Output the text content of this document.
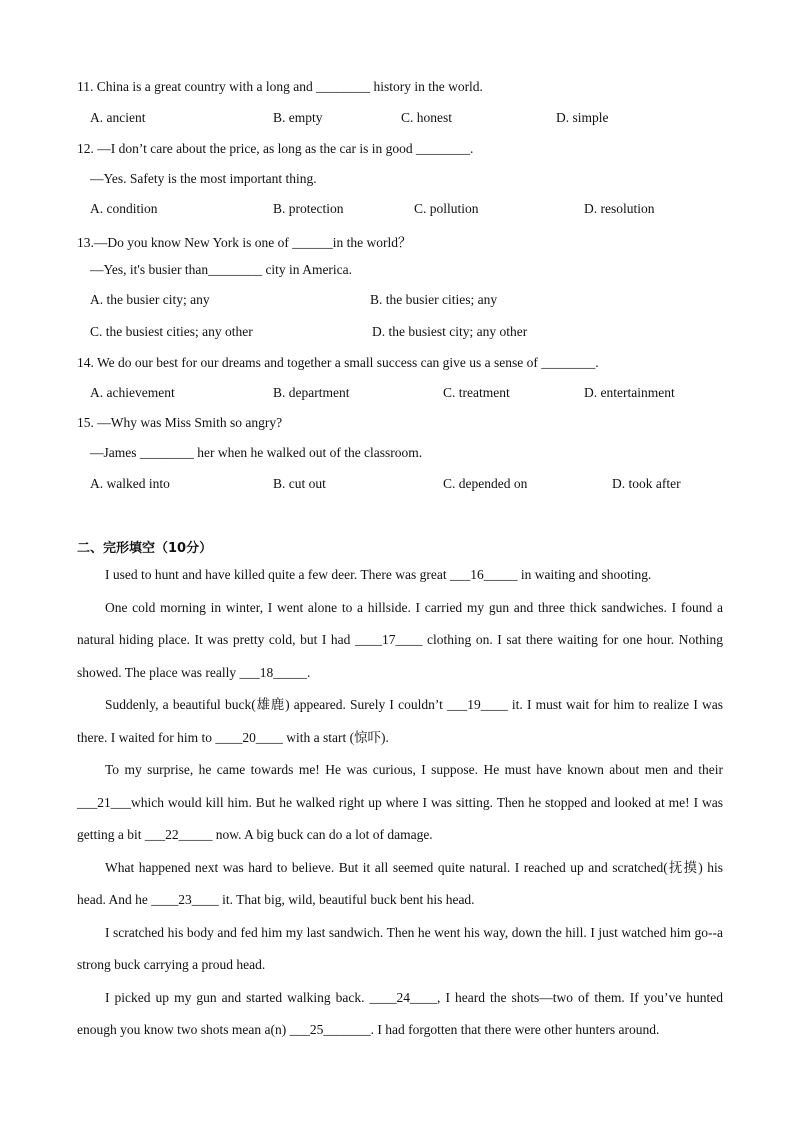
11. China is a great country with a long and ________ history in the world.
A. ancient	B. empty	C. honest	D. simple
12. —I don’t care about the price, as long as the car is in good ________.
—Yes. Safety is the most important thing.
A. condition	B. protection	C. pollution	D. resolution
13.—Do you know New York is one of ______in the world？
—Yes, it's busier than________ city in America.
A. the busier city; any	B. the busier cities; any
C. the busiest cities; any other	D. the busiest city; any other
14. We do our best for our dreams and together a small success can give us a sense of ________.
A. achievement	B. department	C. treatment	D. entertainment
15. —Why was Miss Smith so angry?
—James ________ her when he walked out of the classroom.
A. walked into	B. cut out	C. depended on	D. took after
二、完形填空（10分）

I used to hunt and have killed quite a few deer. There was great ___16_____ in waiting and shooting.

One cold morning in winter, I went alone to a hillside. I carried my gun and three thick sandwiches. I found a natural hiding place. It was pretty cold, but I had ____17____ clothing on. I sat there waiting for one hour. Nothing showed. The place was really ___18_____.

Suddenly, a beautiful buck(雄鹿) appeared. Surely I couldn’t ___19____ it. I must wait for him to realize I was there. I waited for him to ____20____ with a start (惊吓).

To my surprise, he came towards me! He was curious, I suppose. He must have known about men and their ___21___which would kill him. But he walked right up where I was sitting. Then he stopped and looked at me! I was getting a bit ___22_____ now. A big buck can do a lot of damage.

What happened next was hard to believe. But it all seemed quite natural. I reached up and scratched(抚摸) his head. And he ____23____ it. That big, wild, beautiful buck bent his head.

I scratched his body and fed him my last sandwich. Then he went his way, down the hill. I just watched him go--a strong buck carrying a proud head.

I picked up my gun and started walking back. ____24____, I heard the shots—two of them. If you’ve hunted enough you know two shots mean a(n) ___25_______. I had forgotten that there were other hunters around.
